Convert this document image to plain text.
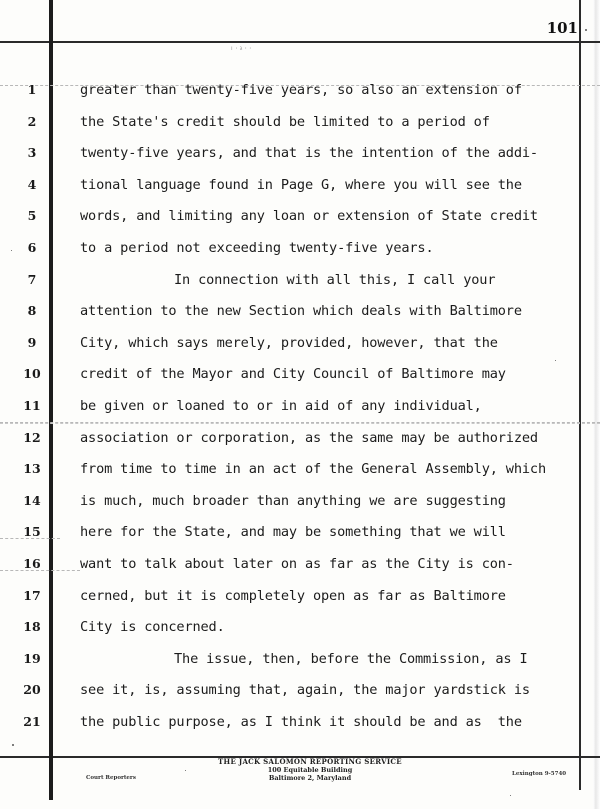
101
ג·ו··
1	greater than twenty-five years, so also an extension of
2	the State's credit should be limited to a period of
3	twenty-five years, and that is the intention of the addi-
4	tional language found in Page G, where you will see the
5	words, and limiting any loan or extension of State credit
6	to a period not exceeding twenty-five years.
7	In connection with all this, I call your
8	attention to the new Section which deals with Baltimore
9	City, which says merely, provided, however, that the
10	credit of the Mayor and City Council of Baltimore may
11	be given or loaned to or in aid of any individual,
12	association or corporation, as the same may be authorized
13	from time to time in an act of the General Assembly, which
14	is much, much broader than anything we are suggesting
15	here for the State, and may be something that we will
16	want to talk about later on as far as the City is con-
17	cerned, but it is completely open as far as Baltimore
18	City is concerned.
19	The issue, then, before the Commission, as I
20	see it, is, assuming that, again, the major yardstick is
21	the public purpose, as I think it should be and as  the
THE JACK SALOMON REPORTING SERVICE
100 Equitable Building
Baltimore 2, Maryland
Court Reporters
Lexington 9-5740
